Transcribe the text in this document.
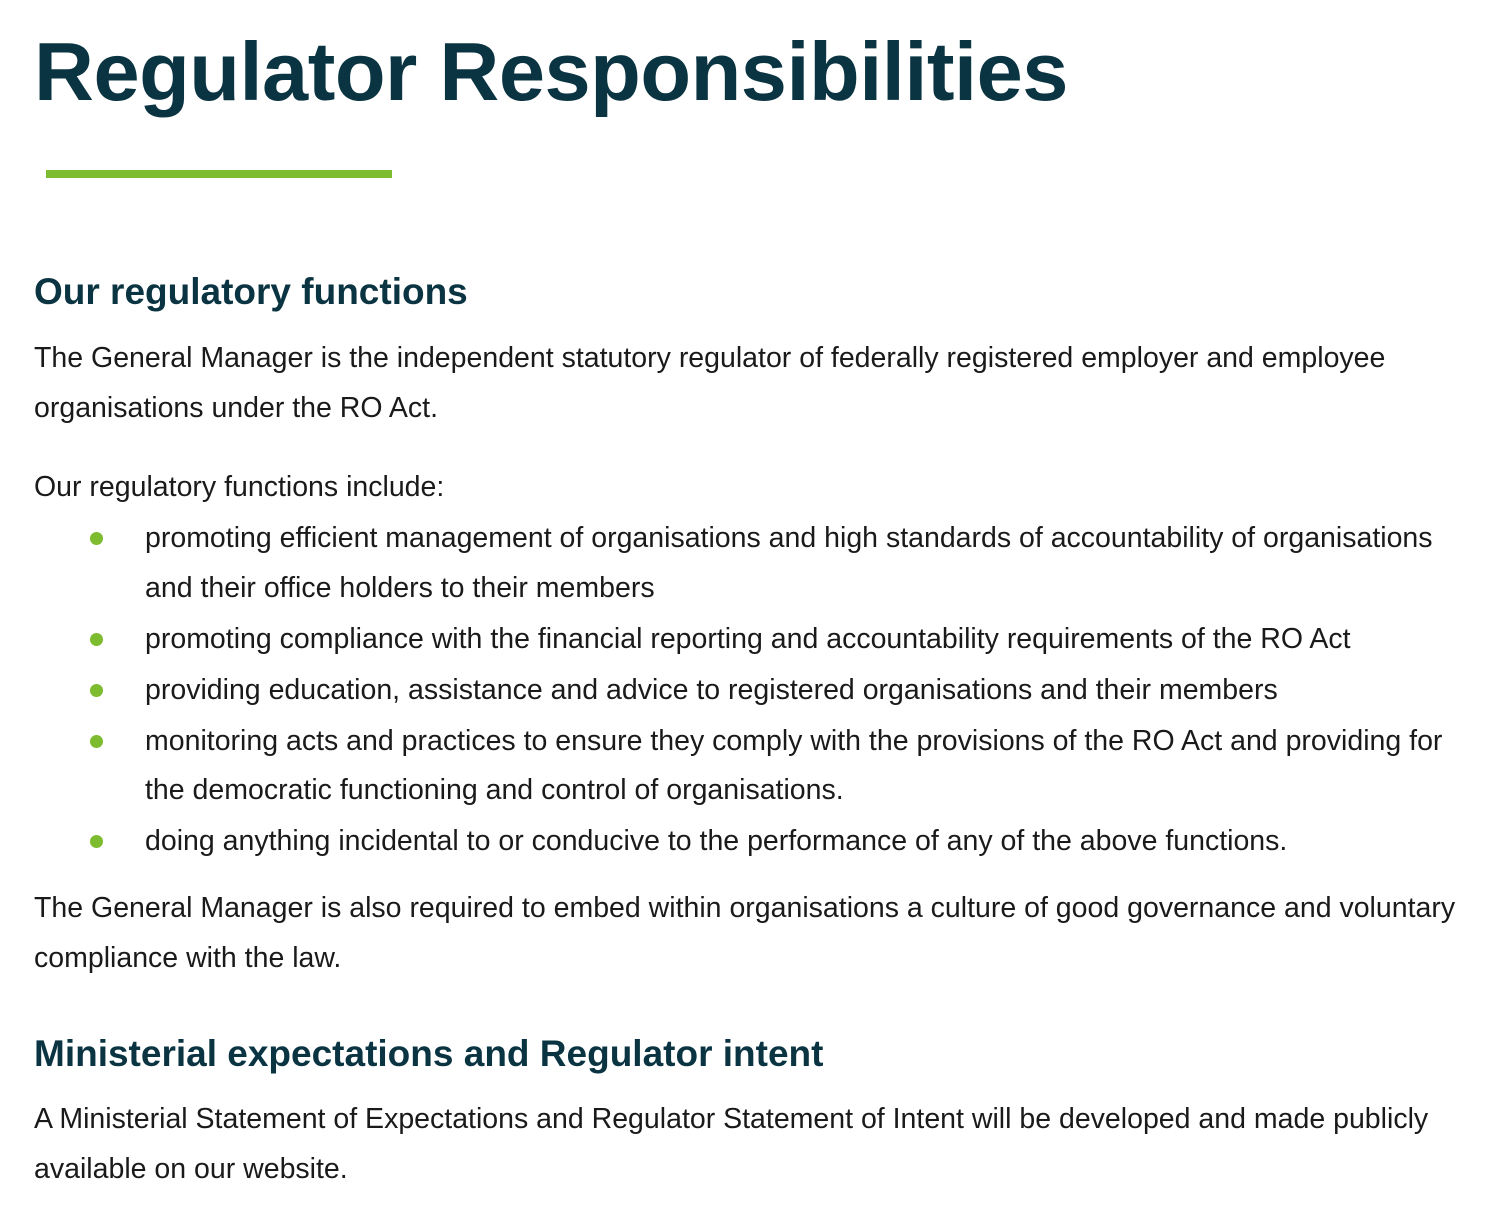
Regulator Responsibilities
Our regulatory functions

The General Manager is the independent statutory regulator of federally registered employer and employee organisations under the RO Act.

Our regulatory functions include:

promoting efficient management of organisations and high standards of accountability of organisations and their office holders to their members
promoting compliance with the financial reporting and accountability requirements of the RO Act
providing education, assistance and advice to registered organisations and their members
monitoring acts and practices to ensure they comply with the provisions of the RO Act and providing for the democratic functioning and control of organisations.
doing anything incidental to or conducive to the performance of any of the above functions.

The General Manager is also required to embed within organisations a culture of good governance and voluntary compliance with the law.

Ministerial expectations and Regulator intent

A Ministerial Statement of Expectations and Regulator Statement of Intent will be developed and made publicly available on our website.
